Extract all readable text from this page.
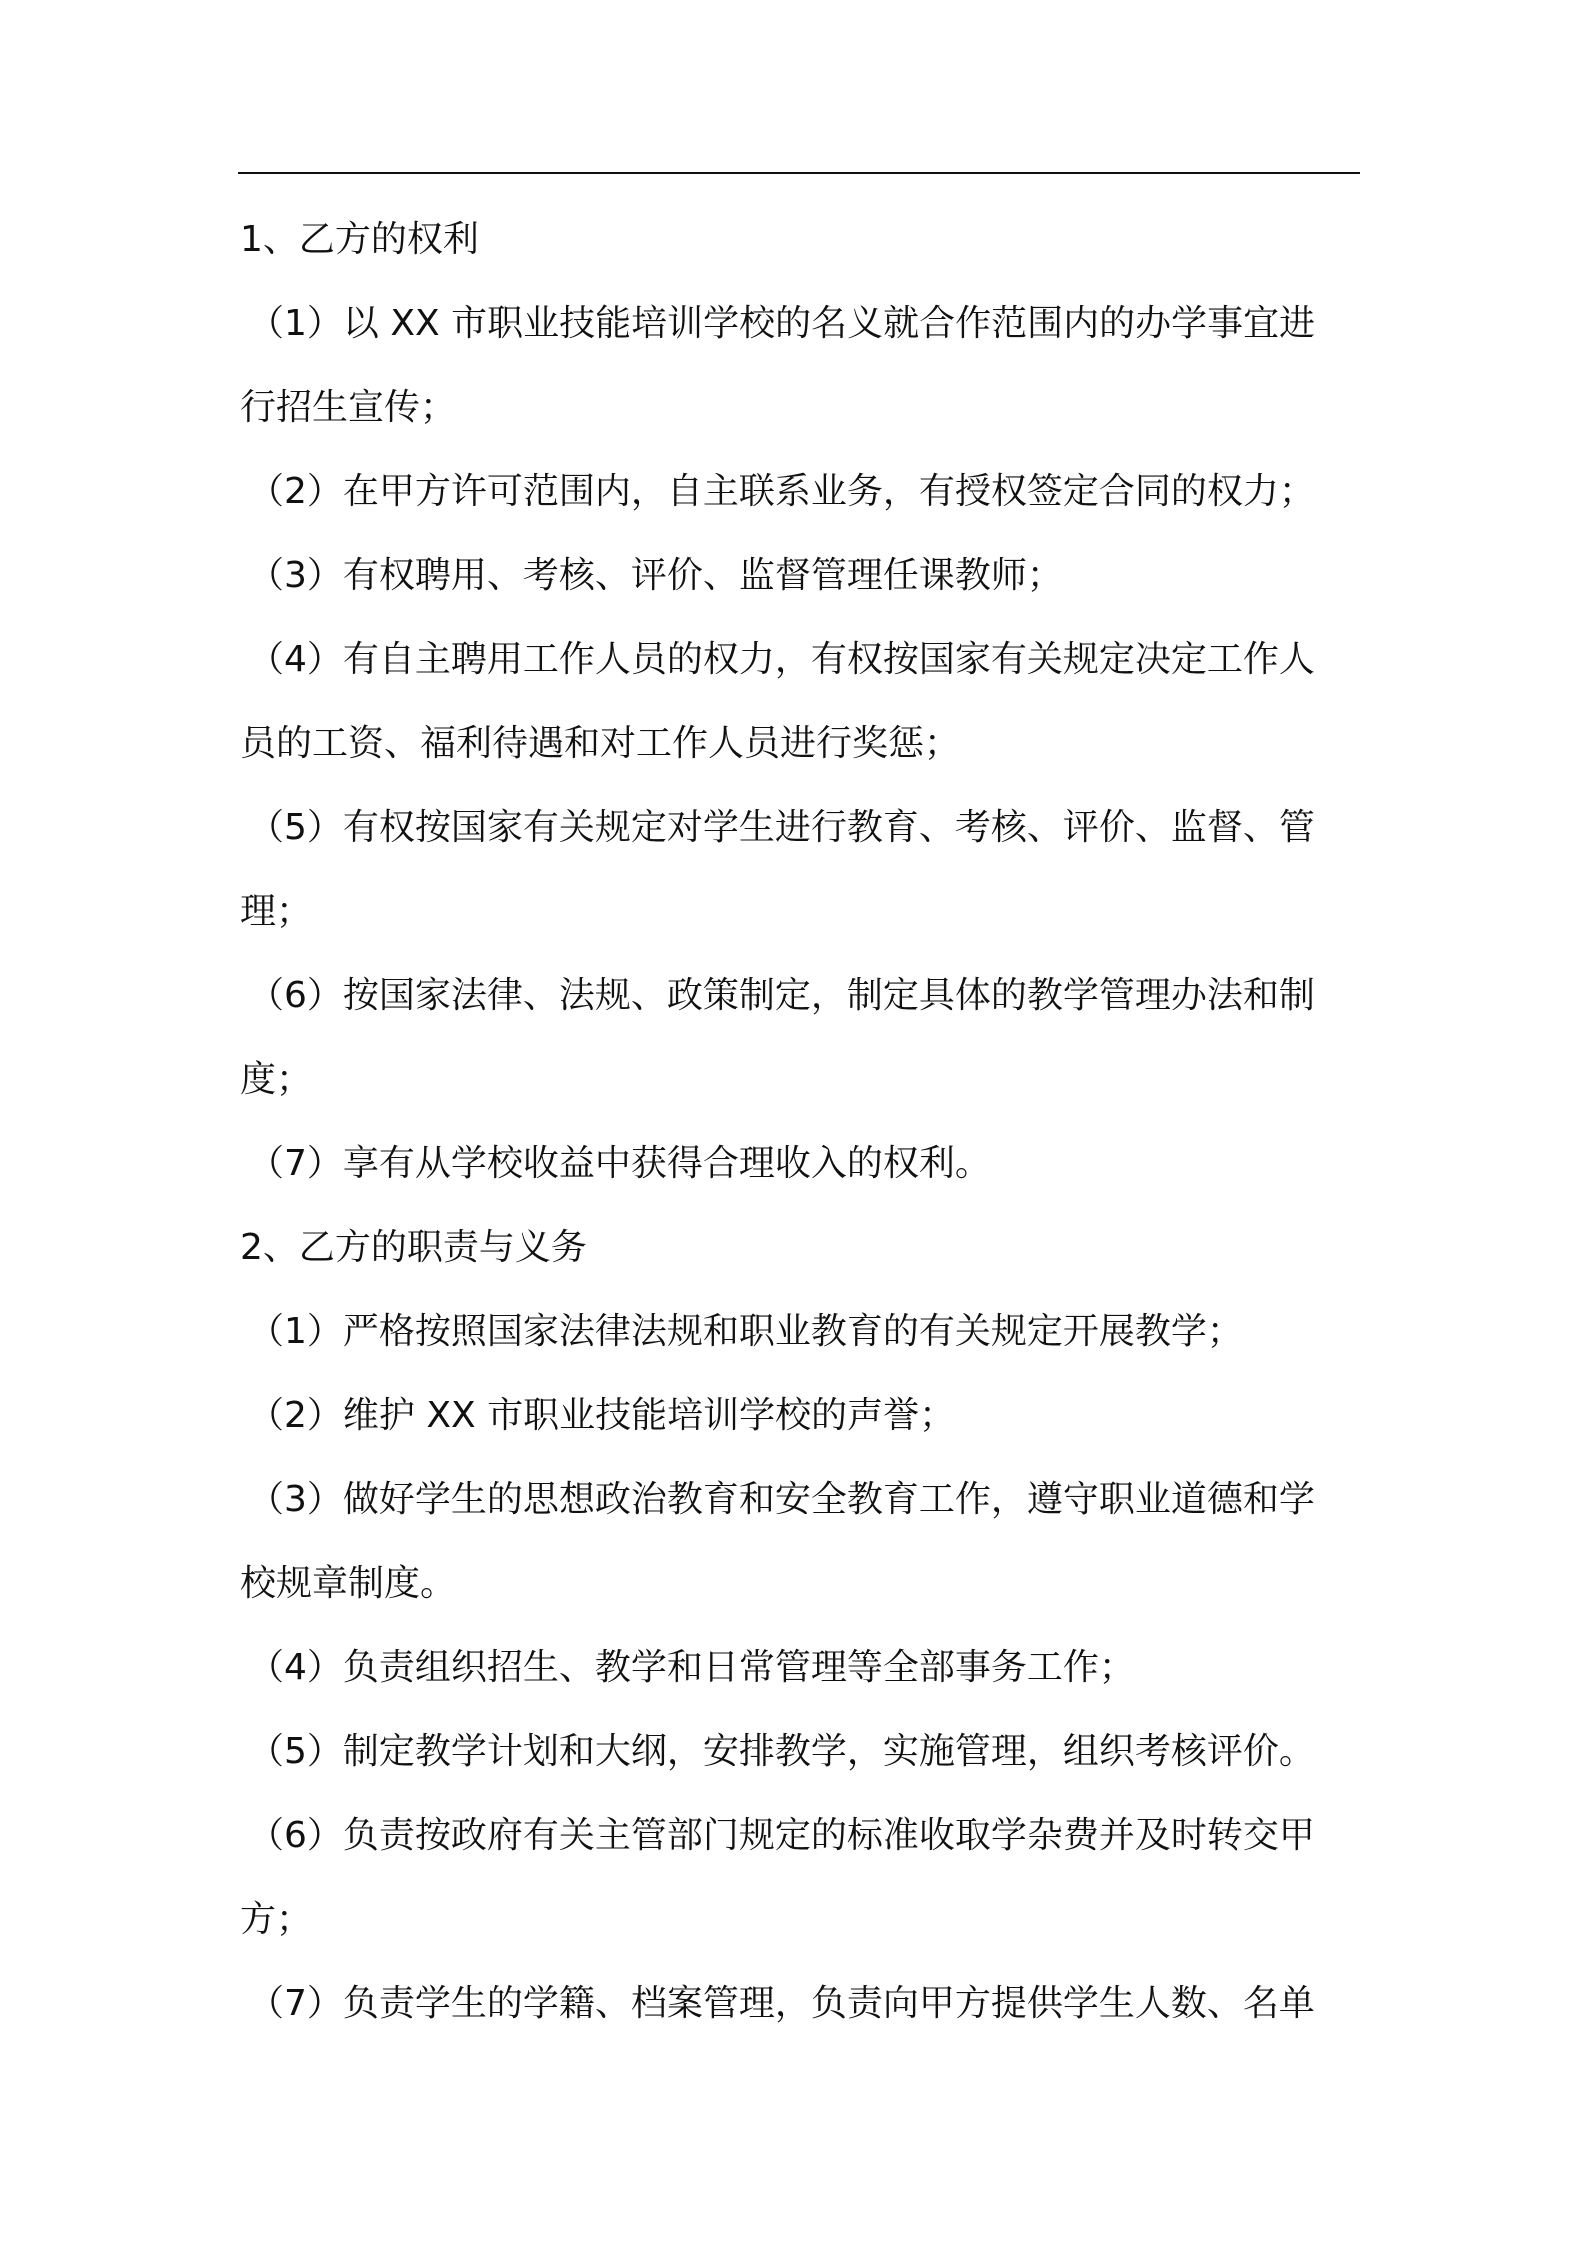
1、乙方的权利
（1）以 XX 市职业技能培训学校的名义就合作范围内的办学事宜进
行招生宣传；
（2）在甲方许可范围内，自主联系业务，有授权签定合同的权力；
（3）有权聘用、考核、评价、监督管理任课教师；
（4）有自主聘用工作人员的权力，有权按国家有关规定决定工作人
员的工资、福利待遇和对工作人员进行奖惩；
（5）有权按国家有关规定对学生进行教育、考核、评价、监督、管
理；
（6）按国家法律、法规、政策制定，制定具体的教学管理办法和制
度；
（7）享有从学校收益中获得合理收入的权利。
2、乙方的职责与义务
（1）严格按照国家法律法规和职业教育的有关规定开展教学；
（2）维护 XX 市职业技能培训学校的声誉；
（3）做好学生的思想政治教育和安全教育工作，遵守职业道德和学
校规章制度。
（4）负责组织招生、教学和日常管理等全部事务工作；
（5）制定教学计划和大纲，安排教学，实施管理，组织考核评价。
（6）负责按政府有关主管部门规定的标准收取学杂费并及时转交甲
方；
（7）负责学生的学籍、档案管理，负责向甲方提供学生人数、名单
